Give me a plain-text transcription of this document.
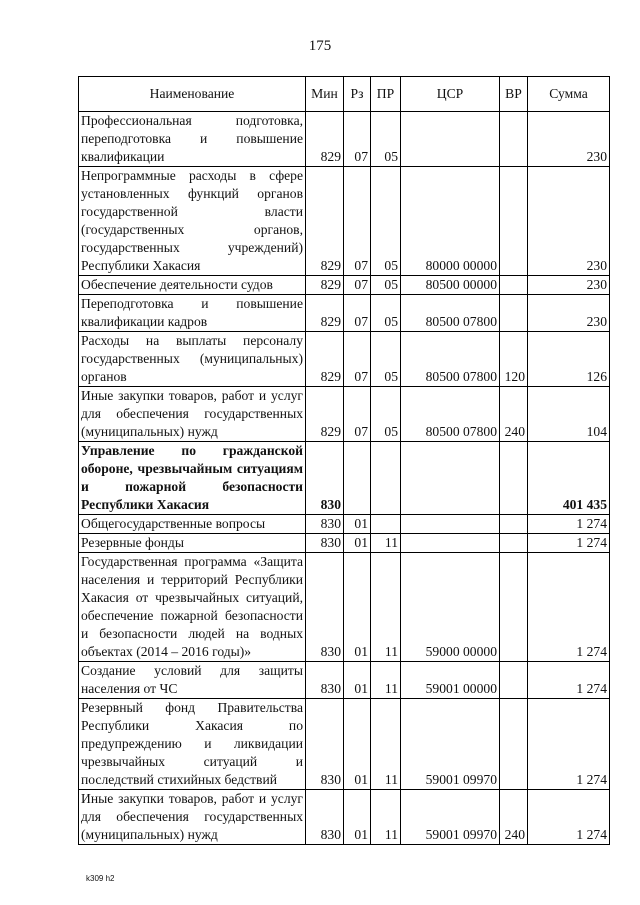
175
Наименование	Мин	Рз	ПР	ЦСР	ВР	Сумма
Профессиональная подготовка, переподготовка и повышение квалификации	829	07	05			230
Непрограммные расходы в сфере установленных функций органов государственной власти (государственных органов, государственных учреждений) Республики Хакасия	829	07	05	80000 00000		230
Обеспечение деятельности судов	829	07	05	80500 00000		230
Переподготовка и повышение квалификации кадров	829	07	05	80500 07800		230
Расходы на выплаты персоналу государственных (муниципальных) органов	829	07	05	80500 07800	120	126
Иные закупки товаров, работ и услуг для обеспечения государственных (муниципальных) нужд	829	07	05	80500 07800	240	104
Управление по гражданской обороне, чрезвычайным ситуациям и пожарной безопасности Республики Хакасия	830					401 435
Общегосударственные вопросы	830	01				1 274
Резервные фонды	830	01	11			1 274
Государственная программа «Защита населения и территорий Республики Хакасия от чрезвычайных ситуаций, обеспечение пожарной безопасности и безопасности людей на водных объектах (2014 – 2016 годы)»	830	01	11	59000 00000		1 274
Создание условий для защиты населения от ЧС	830	01	11	59001 00000		1 274
Резервный фонд Правительства Республики Хакасия по предупреждению и ликвидации чрезвычайных ситуаций и последствий стихийных бедствий	830	01	11	59001 09970		1 274
Иные закупки товаров, работ и услуг для обеспечения государственных (муниципальных) нужд	830	01	11	59001 09970	240	1 274
k309 h2
